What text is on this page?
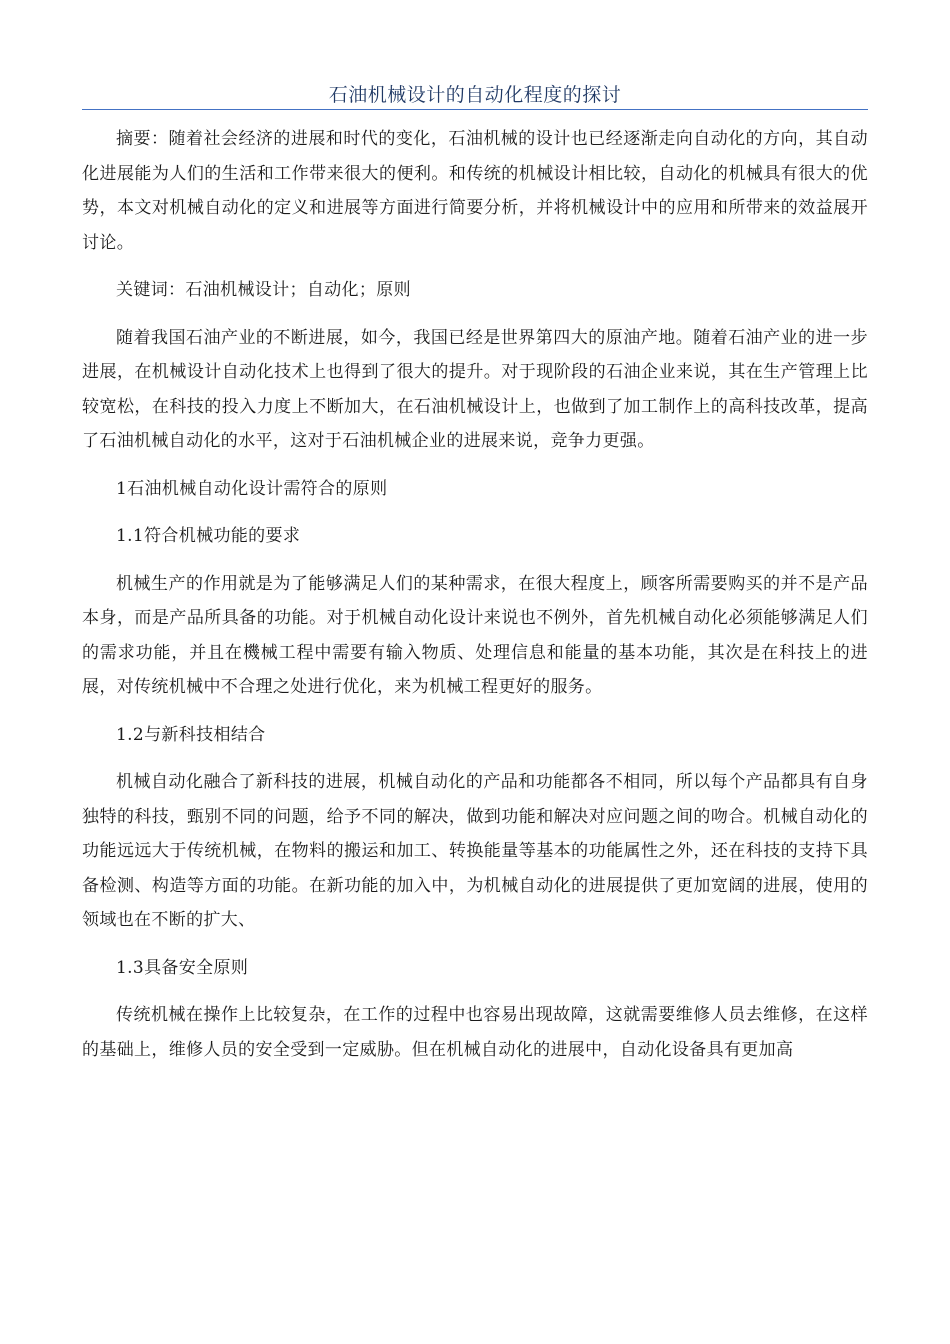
石油机械设计的自动化程度的探讨

摘要：随着社会经济的进展和时代的变化，石油机械的设计也已经逐渐走向自动化的方向，其自动化进展能为人们的生活和工作带来很大的便利。和传统的机械设计相比较，自动化的机械具有很大的优势，本文对机械自动化的定义和进展等方面进行简要分析，并将机械设计中的应用和所带来的效益展开讨论。

关键词：石油机械设计；自动化；原则

随着我国石油产业的不断进展，如今，我国已经是世界第四大的原油产地。随着石油产业的进一步进展，在机械设计自动化技术上也得到了很大的提升。对于现阶段的石油企业来说，其在生产管理上比较宽松，在科技的投入力度上不断加大，在石油机械设计上，也做到了加工制作上的高科技改革，提高了石油机械自动化的水平，这对于石油机械企业的进展来说，竞争力更强。

1石油机械自动化设计需符合的原则

1.1符合机械功能的要求

机械生产的作用就是为了能够满足人们的某种需求，在很大程度上，顾客所需要购买的并不是产品本身，而是产品所具备的功能。对于机械自动化设计来说也不例外，首先机械自动化必须能够满足人们的需求功能，并且在機械工程中需要有输入物质、处理信息和能量的基本功能，其次是在科技上的进展，对传统机械中不合理之处进行优化，来为机械工程更好的服务。

1.2与新科技相结合

机械自动化融合了新科技的进展，机械自动化的产品和功能都各不相同，所以每个产品都具有自身独特的科技，甄别不同的问题，给予不同的解决，做到功能和解决对应问题之间的吻合。机械自动化的功能远远大于传统机械，在物料的搬运和加工、转换能量等基本的功能属性之外，还在科技的支持下具备检测、构造等方面的功能。在新功能的加入中，为机械自动化的进展提供了更加宽阔的进展，使用的领域也在不断的扩大、

1.3具备安全原则

传统机械在操作上比较复杂，在工作的过程中也容易出现故障，这就需要维修人员去维修，在这样的基础上，维修人员的安全受到一定威胁。但在机械自动化的进展中，自动化设备具有更加高
